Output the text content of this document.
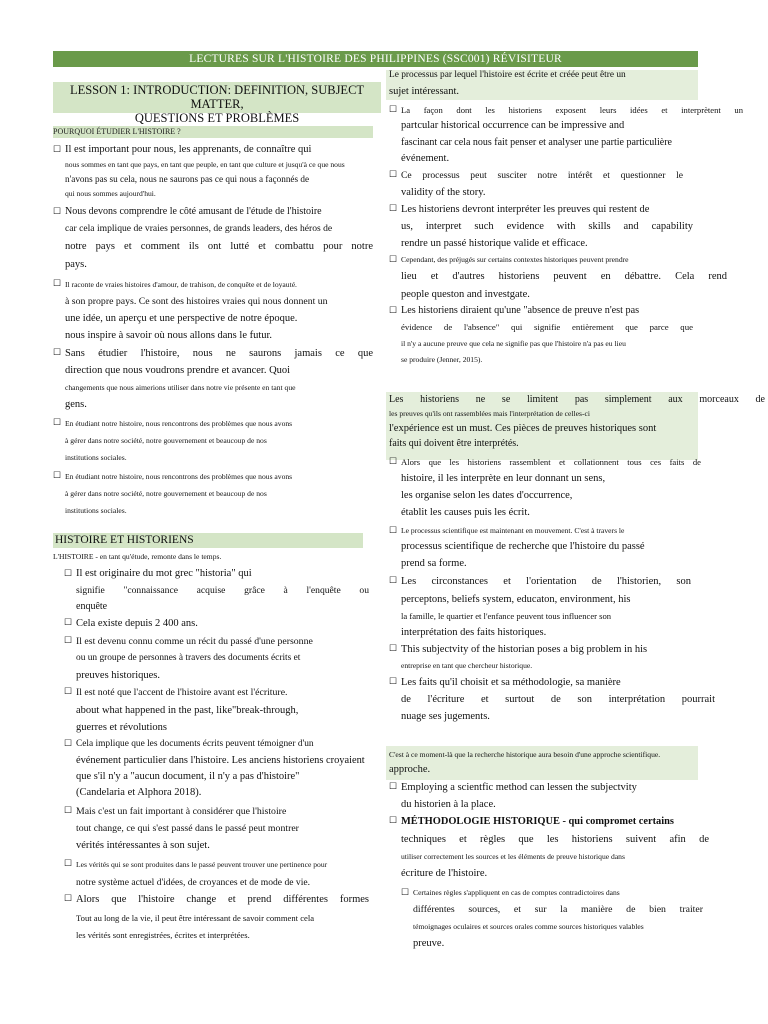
LECTURES SUR L'HISTOIRE DES PHILIPPINES (SSC001) RÉVISITEUR
LESSON 1: INTRODUCTION: DEFINITION, SUBJECT MATTER,
QUESTIONS ET PROBLÈMES
POURQUOI ÉTUDIER L'HISTOIRE ?
☐ Il est important pour nous, les apprenants, de connaître qui
nous sommes en tant que pays, en tant que peuple, en tant que culture et jusqu'à ce que nous
n'avons pas su cela, nous ne saurons pas ce qui nous a façonnés de
qui nous sommes aujourd'hui.
☐ Nous devons comprendre le côté amusant de l'étude de l'histoire
car cela implique de vraies personnes, de grands leaders, des héros de
notre pays et comment ils ont lutté et combattu pour notre
pays.
☐ Il raconte de vraies histoires d'amour, de trahison, de conquête et de loyauté.
à son propre pays. Ce sont des histoires vraies qui nous donnent un
une idée, un aperçu et une perspective de notre époque.
nous inspire à savoir où nous allons dans le futur.
☐ Sans étudier l'histoire, nous ne saurons jamais ce que
direction que nous voudrons prendre et avancer. Quoi
changements que nous aimerions utiliser dans notre vie présente en tant que
gens.
☐ En étudiant notre histoire, nous rencontrons des problèmes que nous avons
à gérer dans notre société, notre gouvernement et beaucoup de nos
institutions sociales.
☐ En étudiant notre histoire, nous rencontrons des problèmes que nous avons
à gérer dans notre société, notre gouvernement et beaucoup de nos
institutions sociales.
HISTOIRE ET HISTORIENS
L'HISTOIRE - en tant qu'étude, remonte dans le temps.
☐ Il est originaire du mot grec "historia" qui
signifie "connaissance acquise grâce à l'enquête ou
enquête
☐ Cela existe depuis 2 400 ans.
☐ Il est devenu connu comme un récit du passé d'une personne
ou un groupe de personnes à travers des documents écrits et
preuves historiques.
☐ Il est noté que l'accent de l'histoire avant est l'écriture.
about what happened in the past, like"break-through,
guerres et révolutions
☐ Cela implique que les documents écrits peuvent témoigner d'un
événement particulier dans l'histoire. Les anciens historiens croyaient
que s'il n'y a "aucun document, il n'y a pas d'histoire"
(Candelaria et Alphora 2018).
☐ Mais c'est un fait important à considérer que l'histoire
tout change, ce qui s'est passé dans le passé peut montrer
vérités intéressantes à son sujet.
☐ Les vérités qui se sont produites dans le passé peuvent trouver une pertinence pour
notre système actuel d'idées, de croyances et de mode de vie.
☐ Alors que l'histoire change et prend différentes formes
Tout au long de la vie, il peut être intéressant de savoir comment cela
les vérités sont enregistrées, écrites et interprétées.
Le processus par lequel l'histoire est écrite et créée peut être un
sujet intéressant.
☐ La façon dont les historiens exposent leurs idées et interprètent un
partcular historical occurrence can be impressive and
fascinant car cela nous fait penser et analyser une partie particulière
événement.
☐ Ce processus peut susciter notre intérêt et questionner le
validity of the story.
☐ Les historiens devront interpréter les preuves qui restent de
us, interpret such evidence with skills and capability
rendre un passé historique valide et efficace.
☐ Cependant, des préjugés sur certains contextes historiques peuvent prendre
lieu et d'autres historiens peuvent en débattre. Cela rend
people queston and investgate.
☐ Les historiens diraient qu'une "absence de preuve n'est pas
évidence de l'absence" qui signifie entièrement que parce que
il n'y a aucune preuve que cela ne signifie pas que l'histoire n'a pas eu lieu
se produire (Jenner, 2015).
Les historiens ne se limitent pas simplement aux morceaux de
les preuves qu'ils ont rassemblées mais l'interprétation de celles-ci
l'expérience est un must. Ces pièces de preuves historiques sont
faits qui doivent être interprétés.
☐ Alors que les historiens rassemblent et collationnent tous ces faits de
histoire, il les interprète en leur donnant un sens,
les organise selon les dates d'occurrence,
établit les causes puis les écrit.
☐ Le processus scientifique est maintenant en mouvement. C'est à travers le
processus scientifique de recherche que l'histoire du passé
prend sa forme.
☐ Les circonstances et l'orientation de l'historien, son
perceptons, beliefs system, educaton, environment, his
la famille, le quartier et l'enfance peuvent tous influencer son
interprétation des faits historiques.
☐ This subjectvity of the historian poses a big problem in his
entreprise en tant que chercheur historique.
☐ Les faits qu'il choisit et sa méthodologie, sa manière
de l'écriture et surtout de son interprétation pourrait
nuage ses jugements.
C'est à ce moment-là que la recherche historique aura besoin d'une approche scientifique.
approche.
☐ Employing a scientfic method can lessen the subjectvity
du historien à la place.
☐ MÉTHODOLOGIE HISTORIQUE - qui compromet certains
techniques et règles que les historiens suivent afin de
utiliser correctement les sources et les éléments de preuve historique dans
écriture de l'histoire.
☐ Certaines règles s'appliquent en cas de comptes contradictoires dans
différentes sources, et sur la manière de bien traiter
témoignages oculaires et sources orales comme sources historiques valables
preuve.
